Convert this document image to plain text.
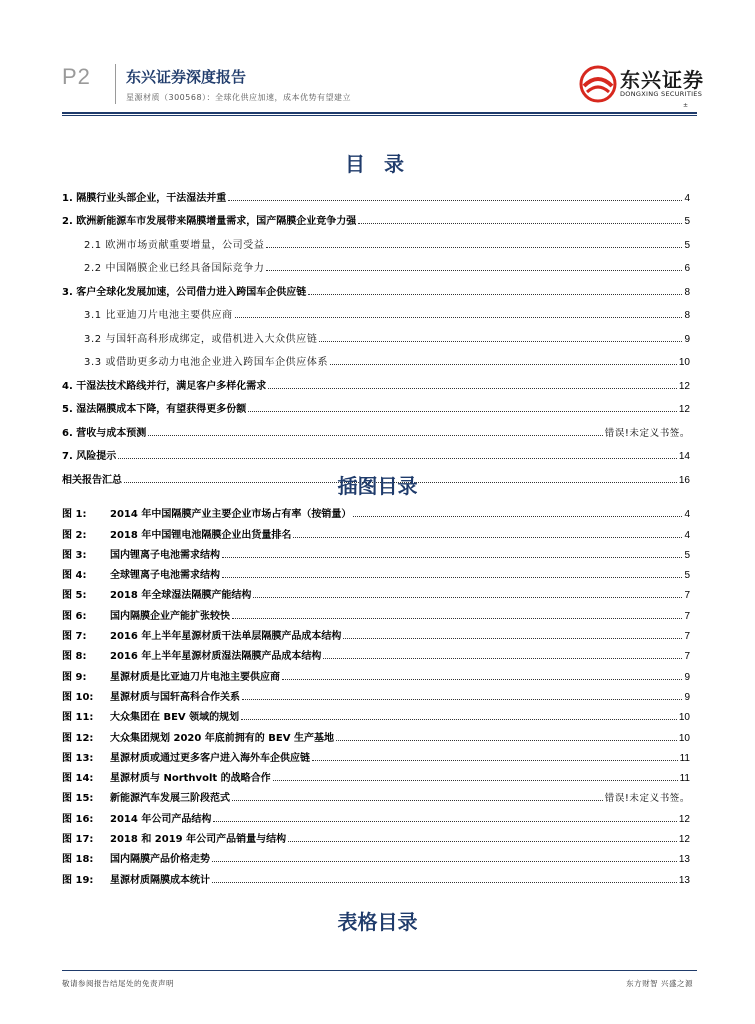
P2 东兴证券深度报告
星源材质（300568）：全球化供应加速，成本优势有望建立
东兴证券
DONGXING SECURITIES
±
目 录
1. 隔膜行业头部企业，干法湿法并重	4
2. 欧洲新能源车市发展带来隔膜增量需求，国产隔膜企业竞争力强	5
2.1 欧洲市场贡献重要增量，公司受益	5
2.2 中国隔膜企业已经具备国际竞争力	6
3. 客户全球化发展加速，公司借力进入跨国车企供应链	8
3.1 比亚迪刀片电池主要供应商	8
3.2 与国轩高科形成绑定，或借机进入大众供应链	9
3.3 或借助更多动力电池企业进入跨国车企供应体系	10
4. 干湿法技术路线并行，满足客户多样化需求	12
5. 湿法隔膜成本下降，有望获得更多份额	12
6. 营收与成本预测	错误!未定义书签。
7. 风险提示	14
相关报告汇总	16
插图目录
图 1:	2014 年中国隔膜产业主要企业市场占有率（按销量）	4
图 2:	2018 年中国锂电池隔膜企业出货量排名	4
图 3:	国内锂离子电池需求结构	5
图 4:	全球锂离子电池需求结构	5
图 5:	2018 年全球湿法隔膜产能结构	7
图 6:	国内隔膜企业产能扩张较快	7
图 7:	2016 年上半年星源材质干法单层隔膜产品成本结构	7
图 8:	2016 年上半年星源材质湿法隔膜产品成本结构	7
图 9:	星源材质是比亚迪刀片电池主要供应商	9
图 10:	星源材质与国轩高科合作关系	9
图 11:	大众集团在 BEV 领域的规划	10
图 12:	大众集团规划 2020 年底前拥有的 BEV 生产基地	10
图 13:	星源材质或通过更多客户进入海外车企供应链	11
图 14:	星源材质与 Northvolt 的战略合作	11
图 15:	新能源汽车发展三阶段范式	错误!未定义书签。
图 16:	2014 年公司产品结构	12
图 17:	2018 和 2019 年公司产品销量与结构	12
图 18:	国内隔膜产品价格走势	13
图 19:	星源材质隔膜成本统计	13
表格目录
敬请参阅报告结尾处的免责声明	东方财智 兴盛之源
